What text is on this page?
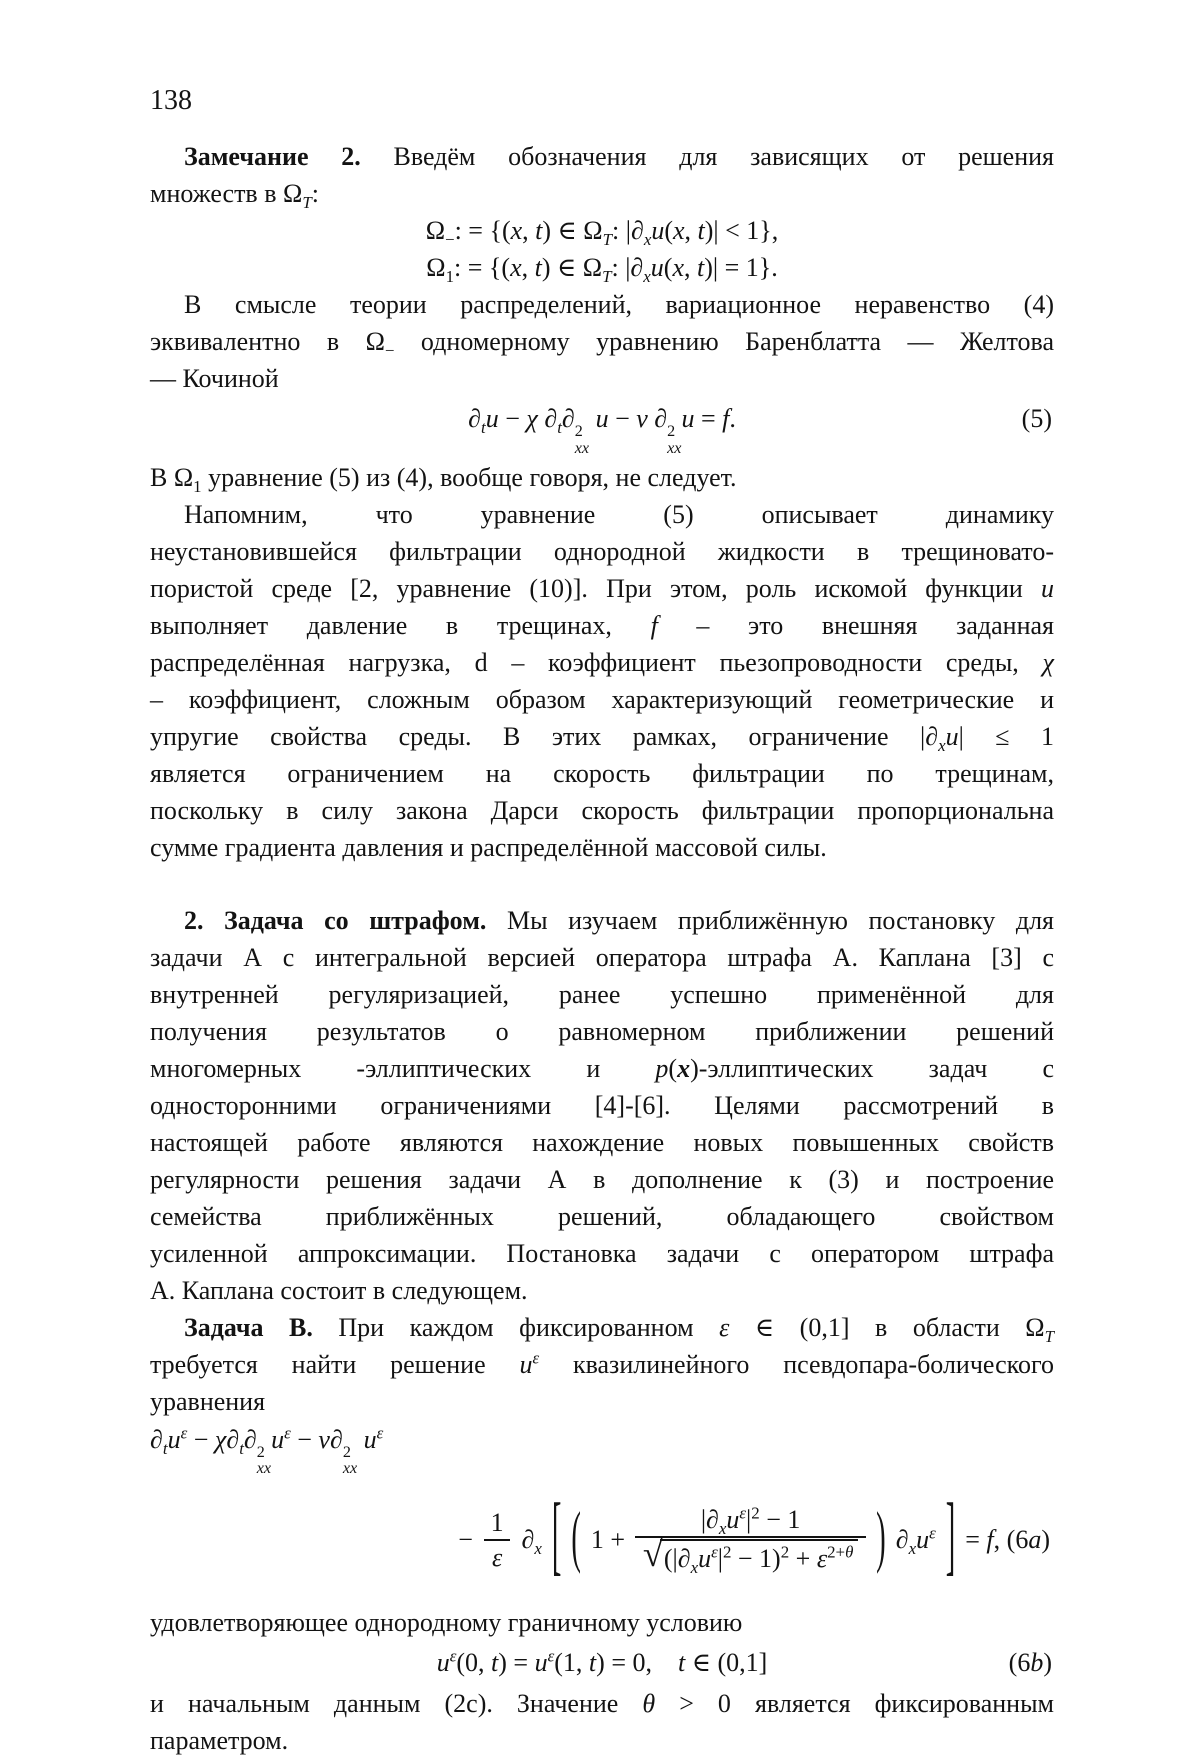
138
Замечание 2. Введём обозначения для зависящих от решения
множеств в $\Omega_T$:
$\Omega_-$: = {(x, t) ∈ $\Omega_T$: $|\partial_xu(x$, t)| < 1},
$\Omega_1$: = {(x, t) ∈ $\Omega_T$: $|\partial_xu(x$, t)| = 1}.
В смысле теории распределений, вариационное неравенство (4)
эквивалентно в $\Omega_-$ одномерному уравнению Баренблатта — Желтова
— Кочиной
$\partial_tu - \chi$ $\partial_t\partial$ 2
xx
u − ν ∂ 2
xx
u = f.	(5)
В $\Omega_1$ уравнение (5) из (4), вообще говоря, не следует.
Напомним, что уравнение (5) описывает динамику
неустановившейся фильтрации однородной жидкости в трещиновато-
пористой среде [2, уравнение (10)]. При этом, роль искомой функции u
выполняет давление в трещинах, f – это внешняя заданная
распределённая нагрузка, d – коэффициент пьезопроводности среды, χ
– коэффициент, сложным образом характеризующий геометрические и
упругие свойства среды. В этих рамках, ограничение $|\partial_xu| \le 1$
является ограничением на скорость фильтрации по трещинам,
поскольку в силу закона Дарси скорость фильтрации пропорциональна
сумме градиента давления и распределённой массовой силы.
2. Задача со штрафом. Мы изучаем приближённую постановку для
задачи А с интегральной версией оператора штрафа А. Каплана [3] с
внутренней регуляризацией, ранее успешно применённой для
получения результатов о равномерном приближении решений
многомерных -эллиптических и p(x)-эллиптических задач с
односторонними ограничениями [4]-[6]. Целями рассмотрений в
настоящей работе являются нахождение новых повышенных свойств
регулярности решения задачи А в дополнение к (3) и построение
семейства приближённых решений, обладающего свойством
усиленной аппроксимации. Постановка задачи с оператором штрафа
А. Каплана состоит в следующем.
Задача В. При каждом фиксированном ε ∈ (0,1] в области $\Omega_T$
требуется найти решение $u^\varepsilon$ квазилинейного псевдопара-болического
уравнения
$\partial_tu^\varepsilon - \chi\partial_t\partial$ 2
xx
$u^\varepsilon - \nu\partial$ 2
xx
$u^\varepsilon$
− $\frac{1}{\varepsilon} \partial_x$ [ ( $1 + \frac{|\partial_xu^\varepsilon|^2 - 1}{√ (|\partial_xu^\varepsilon|^2 - 1)^2 + \varepsilon^{2+\theta}}$ ) $\partial_xu^\varepsilon$ ] = f, (6a)
удовлетворяющее однородному граничному условию
$u^\varepsilon(0$, $t) = u^\varepsilon(1$, t) = 0,    t ∈ (0,1]	(6b)
и начальным данным (2c). Значение θ > 0 является фиксированным
параметром.
